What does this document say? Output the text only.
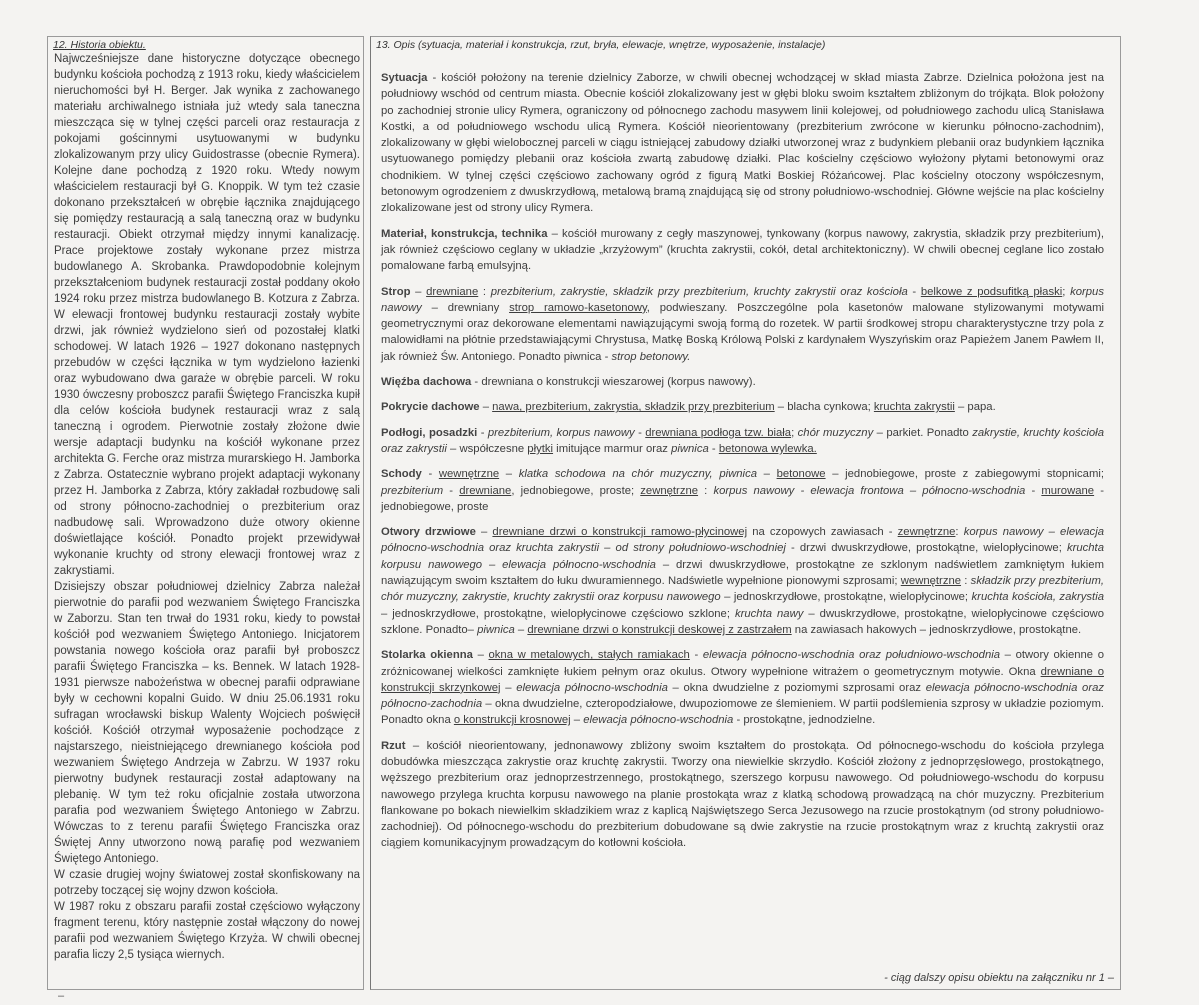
12. Historia obiektu.	13. Opis (sytuacja, materiał i konstrukcja, rzut, bryła, elewacje, wnętrze, wyposażenie, instalacje)

Najwcześniejsze dane historyczne dotyczące obecnego budynku kościoła pochodzą z 1913 roku, kiedy właścicielem nieruchomości był H. Berger. Jak wynika z zachowanego materiału archiwalnego istniała już wtedy sala taneczna mieszcząca się w tylnej części parceli oraz restauracja z pokojami gościnnymi usytuowanymi w budynku zlokalizowanym przy ulicy Guidostrasse (obecnie Rymera). Kolejne dane pochodzą z 1920 roku. Wtedy nowym właścicielem restauracji był G. Knoppik. W tym też czasie dokonano przekształceń w obrębie łącznika znajdującego się pomiędzy restauracją a salą taneczną oraz w budynku restauracji. Obiekt otrzymał między innymi kanalizację. Prace projektowe zostały wykonane przez mistrza budowlanego A. Skrobanka. Prawdopodobnie kolejnym przekształceniom budynek restauracji został poddany około 1924 roku przez mistrza budowlanego B. Kotzura z Zabrza. W elewacji frontowej budynku restauracji zostały wybite drzwi, jak również wydzielono sień od pozostałej klatki schodowej. W latach 1926 – 1927 dokonano następnych przebudów w części łącznika w tym wydzielono łazienki oraz wybudowano dwa garaże w obrębie parceli. W roku 1930 ówczesny proboszcz parafii Świętego Franciszka kupił dla celów kościoła budynek restauracji wraz z salą taneczną i ogrodem. Pierwotnie zostały złożone dwie wersje adaptacji budynku na kościół wykonane przez architekta G. Ferche oraz mistrza murarskiego H. Jamborka z Zabrza. Ostatecznie wybrano projekt adaptacji wykonany przez H. Jamborka z Zabrza, który zakładał rozbudowę sali od strony północno-zachodniej o prezbiterium oraz nadbudowę sali. Wprowadzono duże otwory okienne doświetlające kościół. Ponadto projekt przewidywał wykonanie kruchty od strony elewacji frontowej wraz z zakrystiami.

Dzisiejszy obszar południowej dzielnicy Zabrza należał pierwotnie do parafii pod wezwaniem Świętego Franciszka w Zaborzu. Stan ten trwał do 1931 roku, kiedy to powstał kościół pod wezwaniem Świętego Antoniego. Inicjatorem powstania nowego kościoła oraz parafii był proboszcz parafii Świętego Franciszka – ks. Bennek. W latach 1928-1931 pierwsze nabożeństwa w obecnej parafii odprawiane były w cechowni kopalni Guido. W dniu 25.06.1931 roku sufragan wrocławski biskup Walenty Wojciech poświęcił kościół. Kościół otrzymał wyposażenie pochodzące z najstarszego, nieistniejącego drewnianego kościoła pod wezwaniem Świętego Andrzeja w Zabrzu. W 1937 roku pierwotny budynek restauracji został adaptowany na plebanię. W tym też roku oficjalnie została utworzona parafia pod wezwaniem Świętego Antoniego w Zabrzu. Wówczas to z terenu parafii Świętego Franciszka oraz Świętej Anny utworzono nową parafię pod wezwaniem Świętego Antoniego.

W czasie drugiej wojny światowej został skonfiskowany na potrzeby toczącej się wojny dzwon kościoła.

W 1987 roku z obszaru parafii został częściowo wyłączony fragment terenu, który następnie został włączony do nowej parafii pod wezwaniem Świętego Krzyża. W chwili obecnej parafia liczy 2,5 tysiąca wiernych.

Sytuacja - kościół położony na terenie dzielnicy Zaborze, w chwili obecnej wchodzącej w skład miasta Zabrze. Dzielnica położona jest na południowy wschód od centrum miasta. Obecnie kościół zlokalizowany jest w głębi bloku swoim kształtem zbliżonym do trójkąta. Blok położony po zachodniej stronie ulicy Rymera, ograniczony od północnego zachodu masywem linii kolejowej, od południowego zachodu ulicą Stanisława Kostki, a od południowego wschodu ulicą Rymera. Kościół nieorientowany (prezbiterium zwrócone w kierunku północno-zachodnim), zlokalizowany w głębi wielobocznej parceli w ciągu istniejącej zabudowy działki utworzonej wraz z budynkiem plebanii oraz budynkiem łącznika usytuowanego pomiędzy plebanii oraz kościoła zwartą zabudowę działki. Plac kościelny częściowo wyłożony płytami betonowymi oraz chodnikiem. W tylnej części częściowo zachowany ogród z figurą Matki Boskiej Różańcowej. Plac kościelny otoczony współczesnym, betonowym ogrodzeniem z dwuskrzydłową, metalową bramą znajdującą się od strony południowo-wschodniej. Główne wejście na plac kościelny zlokalizowane jest od strony ulicy Rymera.

Materiał, konstrukcja, technika – kościół murowany z cegły maszynowej, tynkowany (korpus nawowy, zakrystia, składzik przy prezbiterium), jak również częściowo ceglany w układzie „krzyżowym” (kruchta zakrystii, cokół, detal architektoniczny). W chwili obecnej ceglane lico zostało pomalowane farbą emulsyjną.

Strop – drewniane : prezbiterium, zakrystie, składzik przy prezbiterium, kruchty zakrystii oraz kościoła - belkowe z podsufitką płaski; korpus nawowy – drewniany strop ramowo-kasetonowy, podwieszany. Poszczególne pola kasetonów malowane stylizowanymi motywami geometrycznymi oraz dekorowane elementami nawiązującymi swoją formą do rozetek. W partii środkowej stropu charakterystyczne trzy pola z malowidłami na płótnie przedstawiającymi Chrystusa, Matkę Boską Królową Polski z kardynałem Wyszyńskim oraz Papieżem Janem Pawłem II, jak również Św. Antoniego. Ponadto piwnica - strop betonowy.

Więźba dachowa - drewniana o konstrukcji wieszarowej (korpus nawowy).

Pokrycie dachowe – nawa, prezbiterium, zakrystia, składzik przy prezbiterium – blacha cynkowa; kruchta zakrystii – papa.

Podłogi, posadzki - prezbiterium, korpus nawowy - drewniana podłoga tzw. biała; chór muzyczny – parkiet. Ponadto zakrystie, kruchty kościoła oraz zakrystii – współczesne płytki imitujące marmur oraz piwnica - betonowa wylewka.

Schody - wewnętrzne – klatka schodowa na chór muzyczny, piwnica – betonowe – jednobiegowe, proste z zabiegowymi stopnicami; prezbiterium - drewniane, jednobiegowe, proste; zewnętrzne : korpus nawowy - elewacja frontowa – północno-wschodnia - murowane - jednobiegowe, proste

Otwory drzwiowe – drewniane drzwi o konstrukcji ramowo-płycinowej na czopowych zawiasach - zewnętrzne: korpus nawowy – elewacja północno-wschodnia oraz kruchta zakrystii – od strony południowo-wschodniej - drzwi dwuskrzydłowe, prostokątne, wielopłycinowe; kruchta korpusu nawowego – elewacja północno-wschodnia – drzwi dwuskrzydłowe, prostokątne ze szklonym nadświetlem zamkniętym łukiem nawiązującym swoim kształtem do łuku dwuramiennego. Nadświetle wypełnione pionowymi szprosami; wewnętrzne : składzik przy prezbiterium, chór muzyczny, zakrystie, kruchty zakrystii oraz korpusu nawowego – jednoskrzydłowe, prostokątne, wielopłycinowe; kruchta kościoła, zakrystia – jednoskrzydłowe, prostokątne, wielopłycinowe częściowo szklone; kruchta nawy – dwuskrzydłowe, prostokątne, wielopłycinowe częściowo szklone. Ponadto– piwnica – drewniane drzwi o konstrukcji deskowej z zastrzałem na zawiasach hakowych – jednoskrzydłowe, prostokątne.

Stolarka okienna – okna w metalowych, stałych ramiakach - elewacja północno-wschodnia oraz południowo-wschodnia – otwory okienne o zróżnicowanej wielkości zamknięte łukiem pełnym oraz okulus. Otwory wypełnione witrażem o geometrycznym motywie. Okna drewniane o konstrukcji skrzynkowej – elewacja północno-wschodnia – okna dwudzielne z poziomymi szprosami oraz elewacja północno-wschodnia oraz północno-zachodnia – okna dwudzielne, czteropodziałowe, dwupoziomowe ze ślemieniem. W partii podślemienia szprosy w układzie poziomym. Ponadto okna o konstrukcji krosnowej – elewacja północno-wschodnia - prostokątne, jednodzielne.

Rzut – kościół nieorientowany, jednonawowy zbliżony swoim kształtem do prostokąta. Od północnego-wschodu do kościoła przylega dobudówka mieszcząca zakrystie oraz kruchtę zakrystii. Tworzy ona niewielkie skrzydło. Kościół złożony z jednoprzęsłowego, prostokątnego, węższego prezbiterium oraz jednoprzestrzennego, prostokątnego, szerszego korpusu nawowego. Od południowego-wschodu do korpusu nawowego przylega kruchta korpusu nawowego na planie prostokąta wraz z klatką schodową prowadzącą na chór muzyczny. Prezbiterium flankowane po bokach niewielkim składzikiem wraz z kaplicą Najświętszego Serca Jezusowego na rzucie prostokątnym (od strony południowo-zachodniej). Od północnego-wschodu do prezbiterium dobudowane są dwie zakrystie na rzucie prostokątnym wraz z kruchtą zakrystii oraz ciągiem komunikacyjnym prowadzącym do kotłowni kościoła.

- ciąg dalszy opisu obiektu na załączniku nr 1 –
–
